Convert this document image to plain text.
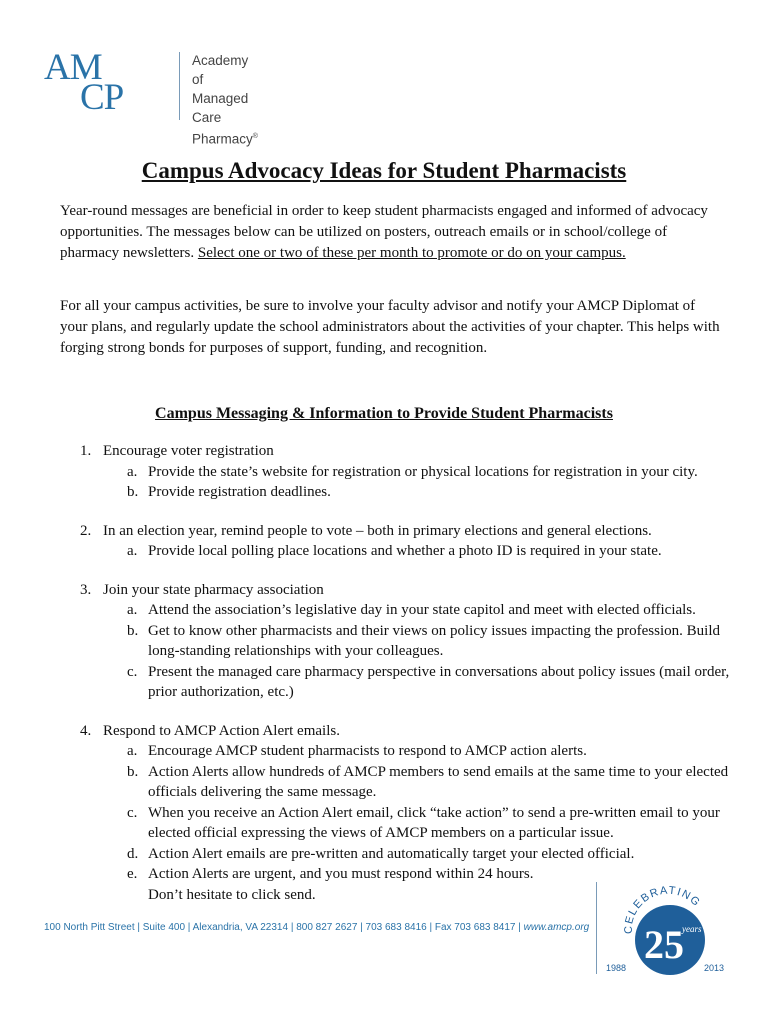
AM
CP
Academy of
Managed Care
Pharmacy®
Campus Advocacy Ideas for Student Pharmacists

Year-round messages are beneficial in order to keep student pharmacists engaged and informed of advocacy opportunities. The messages below can be utilized on posters, outreach emails or in school/college of pharmacy newsletters. Select one or two of these per month to promote or do on your campus.

For all your campus activities, be sure to involve your faculty advisor and notify your AMCP Diplomat of your plans, and regularly update the school administrators about the activities of your chapter. This helps with forging strong bonds for purposes of support, funding, and recognition.

Campus Messaging & Information to Provide Student Pharmacists
1. Encourage voter registration
a. Provide the state’s website for registration or physical locations for registration in your city.
b. Provide registration deadlines.
2. In an election year, remind people to vote – both in primary elections and general elections.
a. Provide local polling place locations and whether a photo ID is required in your state.
3. Join your state pharmacy association
a. Attend the association’s legislative day in your state capitol and meet with elected officials.
b. Get to know other pharmacists and their views on policy issues impacting the profession. Build long-standing relationships with your colleagues.
c. Present the managed care pharmacy perspective in conversations about policy issues (mail order, prior authorization, etc.)
4. Respond to AMCP Action Alert emails.
a. Encourage AMCP student pharmacists to respond to AMCP action alerts.
b. Action Alerts allow hundreds of AMCP members to send emails at the same time to your elected officials delivering the same message.
c. When you receive an Action Alert email, click “take action” to send a pre-written email to your elected official expressing the views of AMCP members on a particular issue.
d. Action Alert emails are pre-written and automatically target your elected official.
e. Action Alerts are urgent, and you must respond within 24 hours.
Don’t hesitate to click send.
100 North Pitt Street | Suite 400 | Alexandria, VA 22314 | 800 827 2627 | 703 683 8416 | Fax 703 683 8417 | www.amcp.org	CELEBRATING
25
years
1988	2013
